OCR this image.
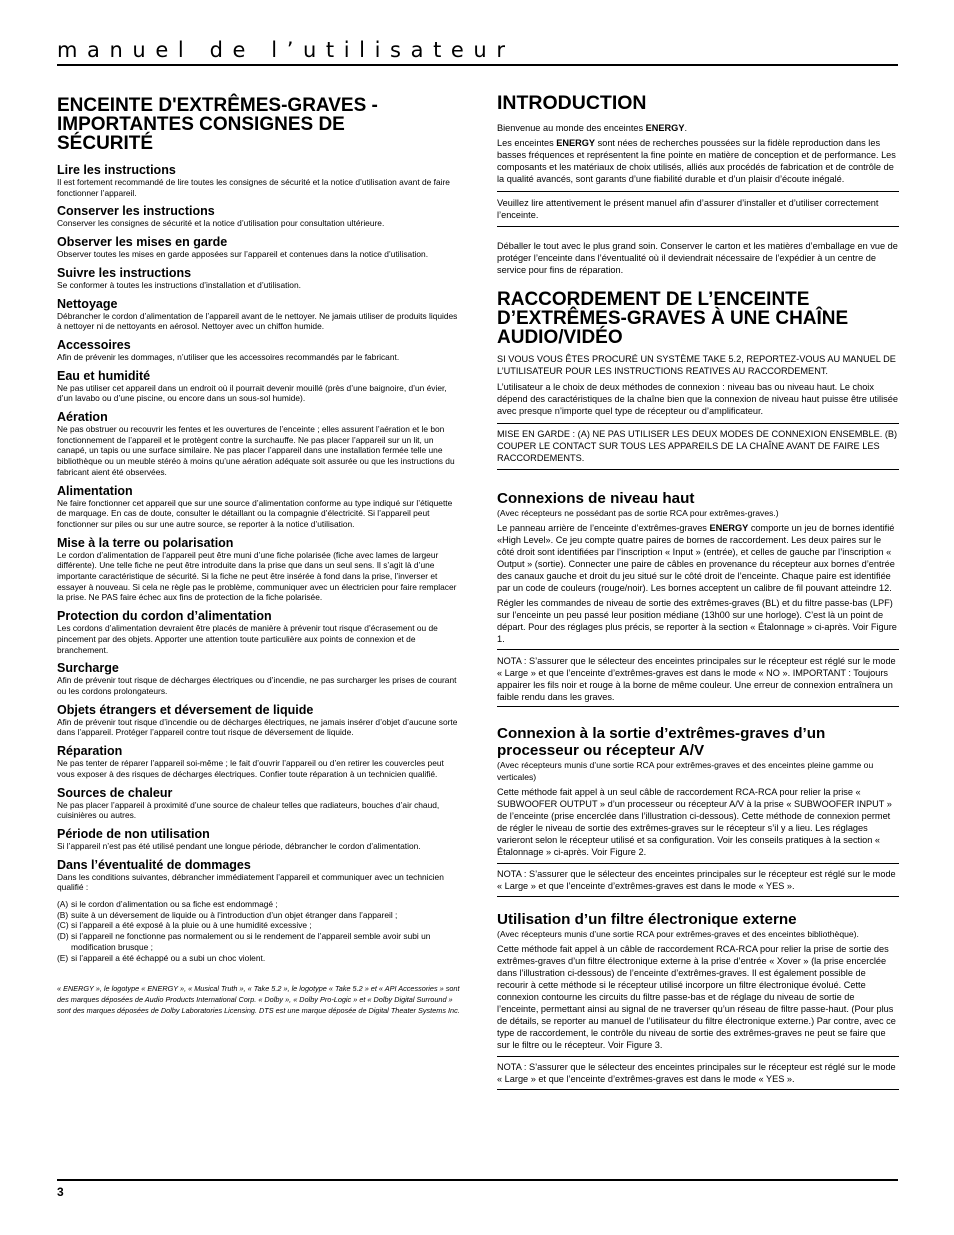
manuel de l’utilisateur
ENCEINTE D'EXTRÊMES-GRAVES -
IMPORTANTES CONSIGNES DE
SÉCURITÉ
Lire les instructions

Il est fortement recommandé de lire toutes les consignes de sécurité et la notice d’utilisation avant de faire fonctionner l’appareil.

Conserver les instructions

Conserver les consignes de sécurité et la notice d’utilisation pour consultation ultérieure.

Observer les mises en garde

Observer toutes les mises en garde apposées sur l’appareil et contenues dans la notice d’utilisation.

Suivre les instructions

Se conformer à toutes les instructions d’installation et d’utilisation.

Nettoyage

Débrancher le cordon d’alimentation de l’appareil avant de le nettoyer. Ne jamais utiliser de produits liquides à nettoyer ni de nettoyants en aérosol. Nettoyer avec un chiffon humide.

Accessoires

Afin de prévenir les dommages, n’utiliser que les accessoires recommandés par le fabricant.

Eau et humidité

Ne pas utiliser cet appareil dans un endroit où il pourrait devenir mouillé (près d’une baignoire, d’un évier, d’un lavabo ou d’une piscine, ou encore dans un sous-sol humide).

Aération

Ne pas obstruer ou recouvrir les fentes et les ouvertures de l’enceinte ; elles assurent l’aération et le bon fonctionnement de l’appareil et le protègent contre la surchauffe. Ne pas placer l’appareil sur un lit, un canapé, un tapis ou une surface similaire. Ne pas placer l’appareil dans une installation fermée telle une bibliothèque ou un meuble stéréo à moins qu’une aération adéquate soit assurée ou que les instructions du fabricant aient été observées.

Alimentation

Ne faire fonctionner cet appareil que sur une source d’alimentation conforme au type indiqué sur l’étiquette de marquage. En cas de doute, consulter le détaillant ou la compagnie d’électricité. Si l’appareil peut fonctionner sur piles ou sur une autre source, se reporter à la notice d’utilisation.

Mise à la terre ou polarisation

Le cordon d’alimentation de l’appareil peut être muni d’une fiche polarisée (fiche avec lames de largeur différente). Une telle fiche ne peut être introduite dans la prise que dans un seul sens. Il s’agit là d’une importante caractéristique de sécurité. Si la fiche ne peut être insérée à fond dans la prise, l’inverser et essayer à nouveau. Si cela ne règle pas le problème, communiquer avec un électricien pour faire remplacer la prise. Ne PAS faire échec aux fins de protection de la fiche polarisée.

Protection du cordon d’alimentation

Les cordons d’alimentation devraient être placés de manière à prévenir tout risque d’écrasement ou de pincement par des objets. Apporter une attention toute particulière aux points de connexion et de branchement.

Surcharge

Afin de prévenir tout risque de décharges électriques ou d’incendie, ne pas surcharger les prises de courant ou les cordons prolongateurs.

Objets étrangers et déversement de liquide

Afin de prévenir tout risque d’incendie ou de décharges électriques, ne jamais insérer d’objet d’aucune sorte dans l’appareil. Protéger l’appareil contre tout risque de déversement de liquide.

Réparation

Ne pas tenter de réparer l’appareil soi-même ; le fait d’ouvrir l’appareil ou d’en retirer les couvercles peut vous exposer à des risques de décharges électriques. Confier toute réparation à un technicien qualifié.

Sources de chaleur

Ne pas placer l’appareil à proximité d’une source de chaleur telles que radiateurs, bouches d’air chaud, cuisinières ou autres.

Période de non utilisation

Si l’appareil n’est pas été utilisé pendant une longue période, débrancher le cordon d’alimentation.

Dans l’éventualité de dommages

Dans les conditions suivantes, débrancher immédiatement l’appareil et communiquer avec un technicien qualifié :

(A) si le cordon d’alimentation ou sa fiche est endommagé ;
(B) suite à un déversement de liquide ou à l’introduction d’un objet étranger dans l’appareil ;
(C) si l’appareil a été exposé à la pluie ou à une humidité excessive ;
(D) si l’appareil ne fonctionne pas normalement ou si le rendement de l’appareil semble avoir subi un modification brusque ;
(E) si l’appareil a été échappé ou a subi un choc violent.
« ENERGY », le logotype « ENERGY », « Musical Truth », « Take 5.2 », le logotype « Take 5.2 » et « API Accessories » sont des marques déposées de Audio Products International Corp. « Dolby », « Dolby Pro-Logic » et « Dolby Digital Surround » sont des marques déposées de Dolby Laboratories Licensing. DTS est une marque déposée de Digital Theater Systems Inc.
INTRODUCTION

Bienvenue au monde des enceintes ENERGY.

Les enceintes ENERGY sont nées de recherches poussées sur la fidèle reproduction dans les basses fréquences et représentent la fine pointe en matière de conception et de performance. Les composants et les matériaux de choix utilisés, alliés aux procédés de fabrication et de contrôle de la qualité avancés, sont garants d’une fiabilité durable et d’un plaisir d’écoute inégalé.

Veuillez lire attentivement le présent manuel afin d’assurer d’installer et d’utiliser correctement l’enceinte.

Déballer le tout avec le plus grand soin. Conserver le carton et les matières d’emballage en vue de protéger l’enceinte dans l’éventualité où il deviendrait nécessaire de l’expédier à un centre de service pour fins de réparation.

RACCORDEMENT DE L’ENCEINTE
D’EXTRÊMES-GRAVES À UNE CHAÎNE
AUDIO/VIDÉO

SI VOUS VOUS ÊTES PROCURÉ UN SYSTÈME TAKE 5.2, REPORTEZ-VOUS AU MANUEL DE L’UTILISATEUR POUR LES INSTRUCTIONS REATIVES AU RACCORDEMENT.

L’utilisateur a le choix de deux méthodes de connexion : niveau bas ou niveau haut. Le choix dépend des caractéristiques de la chaîne bien que la connexion de niveau haut puisse être utilisée avec presque n’importe quel type de récepteur ou d’amplificateur.

MISE EN GARDE : (A) NE PAS UTILISER LES DEUX MODES DE CONNEXION ENSEMBLE. (B) COUPER LE CONTACT SUR TOUS LES APPAREILS DE LA CHAÎNE AVANT DE FAIRE LES RACCORDEMENTS.

Connexions de niveau haut

(Avec récepteurs ne possédant pas de sortie RCA pour extrêmes-graves.)

Le panneau arrière de l’enceinte d’extrêmes-graves ENERGY comporte un jeu de bornes identifié «High Level». Ce jeu compte quatre paires de bornes de raccordement. Les deux paires sur le côté droit sont identifiées par l’inscription « Input » (entrée), et celles de gauche par l’inscription « Output » (sortie). Connecter une paire de câbles en provenance du récepteur aux bornes d’entrée des canaux gauche et droit du jeu situé sur le côté droit de l’enceinte. Chaque paire est identifiée par un code de couleurs (rouge/noir). Les bornes acceptent un calibre de fil pouvant atteindre 12.

Régler les commandes de niveau de sortie des extrêmes-graves (BL) et du filtre passe-bas (LPF) sur l’enceinte un peu passé leur position médiane (13h00 sur une horloge). C’est là un point de départ. Pour des réglages plus précis, se reporter à la section « Étalonnage » ci-après. Voir Figure 1.

NOTA : S’assurer que le sélecteur des enceintes principales sur le récepteur est réglé sur le mode « Large » et que l’enceinte d’extrêmes-graves est dans le mode « NO ». IMPORTANT : Toujours appairer les fils noir et rouge à la borne de même couleur. Une erreur de connexion entraînera un faible rendu dans les graves.

Connexion à la sortie d’extrêmes-graves d’un
processeur ou récepteur A/V

(Avec récepteurs munis d’une sortie RCA pour extrêmes-graves et des enceintes pleine gamme ou verticales)

Cette méthode fait appel à un seul câble de raccordement RCA-RCA pour relier la prise « SUBWOOFER OUTPUT » d’un processeur ou récepteur A/V à la prise « SUBWOOFER INPUT » de l’enceinte (prise encerclée dans l’illustration ci-dessous). Cette méthode de connexion permet de régler le niveau de sortie des extrêmes-graves sur le récepteur s’il y a lieu. Les réglages varieront selon le récepteur utilisé et sa configuration. Voir les conseils pratiques à la section « Étalonnage » ci-après. Voir Figure 2.

NOTA : S’assurer que le sélecteur des enceintes principales sur le récepteur est réglé sur le mode « Large » et que l’enceinte d’extrêmes-graves est dans le mode « YES ».

Utilisation d’un filtre électronique externe

(Avec récepteurs munis d’une sortie RCA pour extrêmes-graves et des enceintes bibliothèque).

Cette méthode fait appel à un câble de raccordement RCA-RCA pour relier la prise de sortie des extrêmes-graves d’un filtre électronique externe à la prise d’entrée « Xover » (la prise encerclée dans l’illustration ci-dessous) de l’enceinte d’extrêmes-graves. Il est également possible de recourir à cette méthode si le récepteur utilisé incorpore un filtre électronique évolué. Cette connexion contourne les circuits du filtre passe-bas et de réglage du niveau de sortie de l’enceinte, permettant ainsi au signal de ne traverser qu’un réseau de filtre passe-haut. (Pour plus de détails, se reporter au manuel de l’utilisateur du filtre électronique externe.) Par contre, avec ce type de raccordement, le contrôle du niveau de sortie des extrêmes-graves ne peut se faire que sur le filtre ou le récepteur. Voir Figure 3.

NOTA : S’assurer que le sélecteur des enceintes principales sur le récepteur est réglé sur le mode « Large » et que l’enceinte d’extrêmes-graves est dans le mode « YES ».

3
